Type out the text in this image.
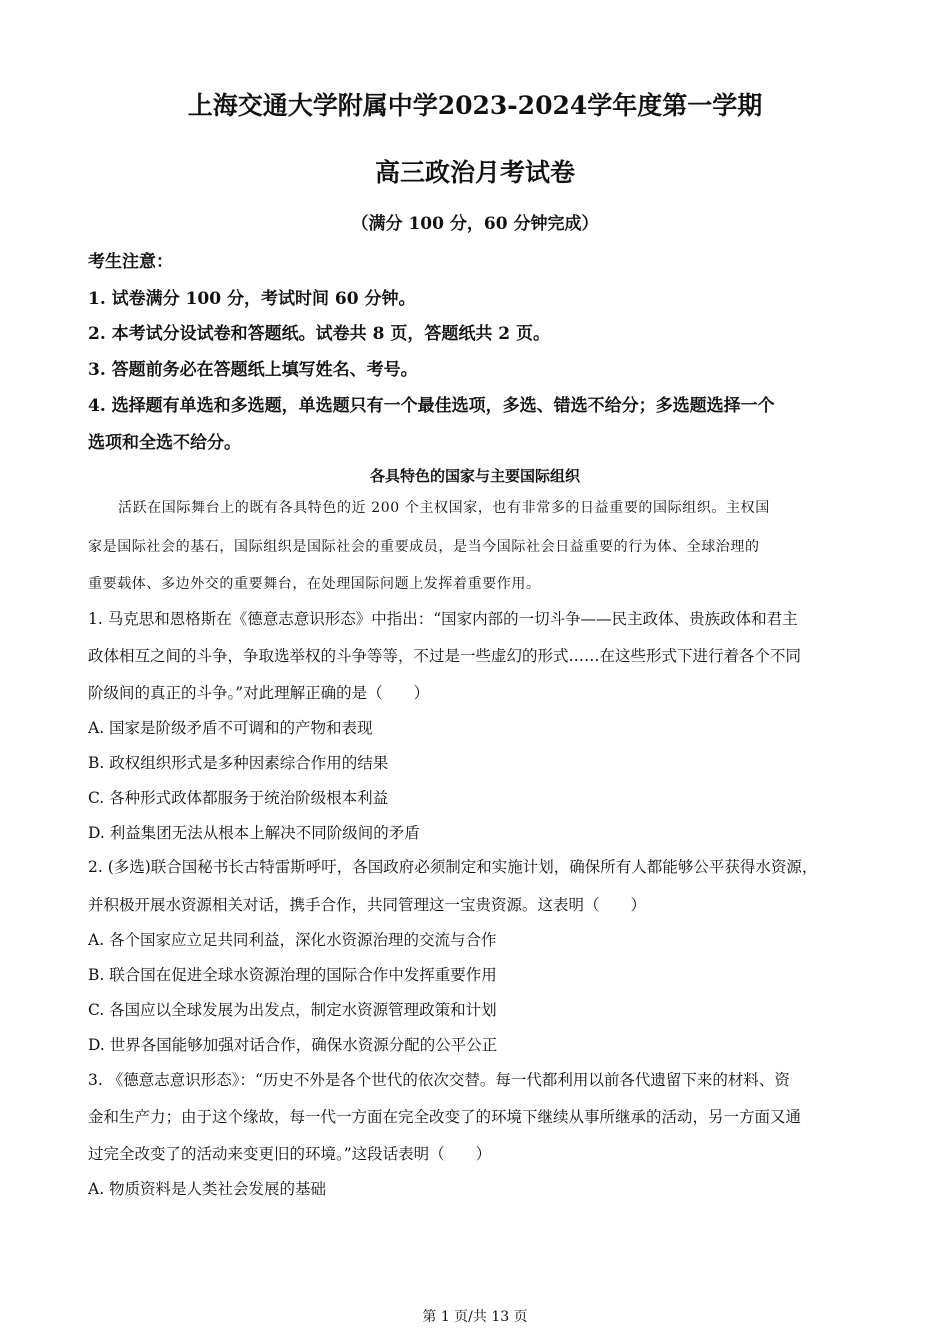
上海交通大学附属中学2023-2024学年度第一学期
高三政治月考试卷
（满分 100 分，60 分钟完成）
考生注意：
1. 试卷满分 100 分，考试时间 60 分钟。
2. 本考试分设试卷和答题纸。试卷共 8 页，答题纸共 2 页。
3. 答题前务必在答题纸上填写姓名、考号。
4. 选择题有单选和多选题，单选题只有一个最佳选项，多选、错选不给分；多选题选择一个
选项和全选不给分。
各具特色的国家与主要国际组织
活跃在国际舞台上的既有各具特色的近 200 个主权国家，也有非常多的日益重要的国际组织。主权国
家是国际社会的基石，国际组织是国际社会的重要成员，是当今国际社会日益重要的行为体、全球治理的
重要载体、多边外交的重要舞台，在处理国际问题上发挥着重要作用。
1. 马克思和恩格斯在《德意志意识形态》中指出：“国家内部的一切斗争——民主政体、贵族政体和君主
政体相互之间的斗争，争取选举权的斗争等等，不过是一些虚幻的形式……在这些形式下进行着各个不同
阶级间的真正的斗争。”对此理解正确的是（　　）
A. 国家是阶级矛盾不可调和的产物和表现
B. 政权组织形式是多种因素综合作用的结果
C. 各种形式政体都服务于统治阶级根本利益
D. 利益集团无法从根本上解决不同阶级间的矛盾
2. (多选)联合国秘书长古特雷斯呼吁，各国政府必须制定和实施计划，确保所有人都能够公平获得水资源，
并积极开展水资源相关对话，携手合作，共同管理这一宝贵资源。这表明（　　）
A. 各个国家应立足共同利益，深化水资源治理的交流与合作
B. 联合国在促进全球水资源治理的国际合作中发挥重要作用
C. 各国应以全球发展为出发点，制定水资源管理政策和计划
D. 世界各国能够加强对话合作，确保水资源分配的公平公正
3. 《德意志意识形态》：“历史不外是各个世代的依次交替。每一代都利用以前各代遗留下来的材料、资
金和生产力；由于这个缘故，每一代一方面在完全改变了的环境下继续从事所继承的活动，另一方面又通
过完全改变了的活动来变更旧的环境。”这段话表明（　　）
A. 物质资料是人类社会发展的基础
第 1 页/共 13 页
